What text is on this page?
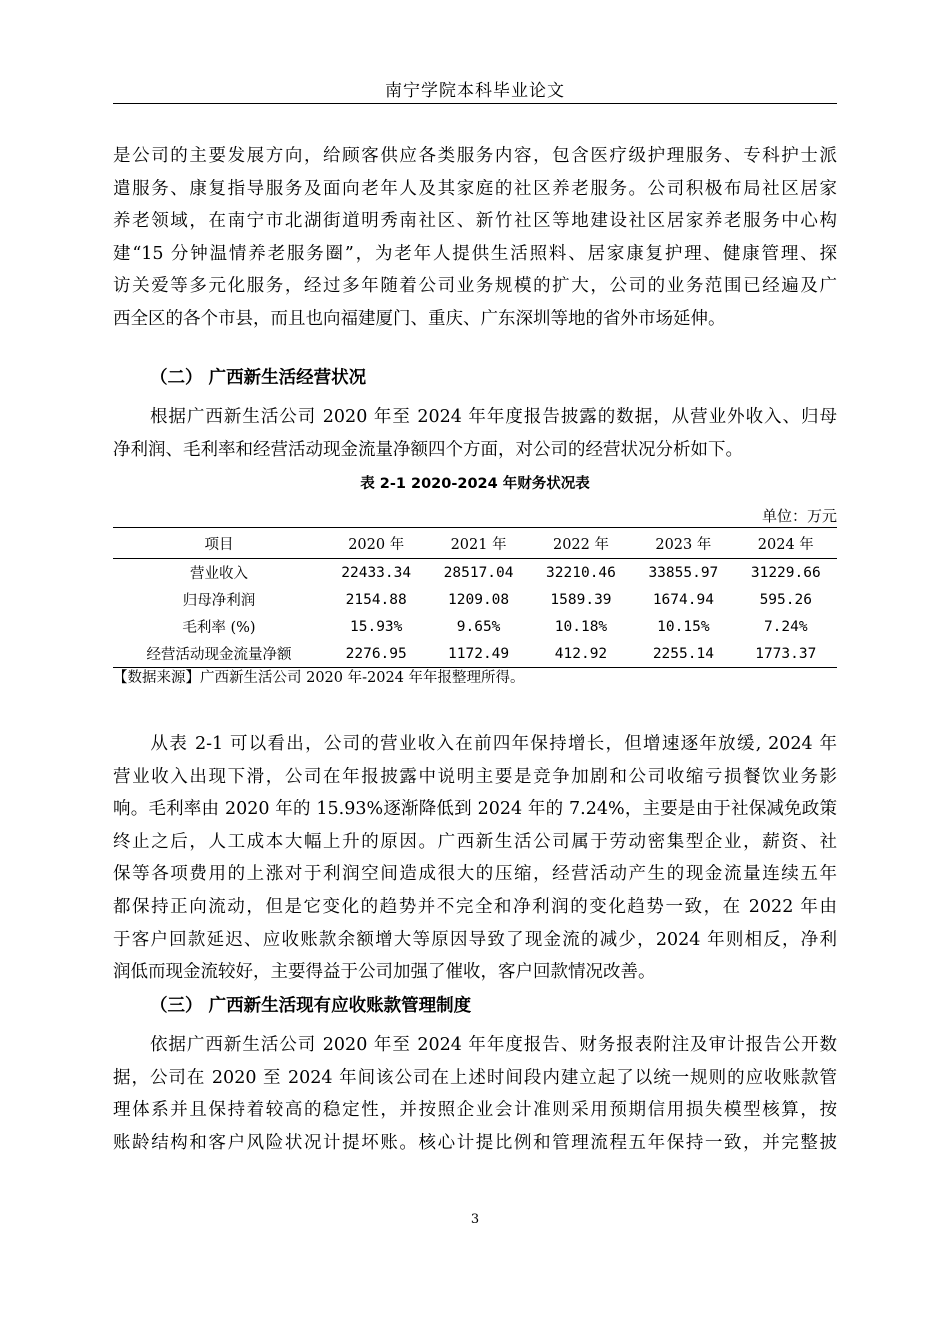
南宁学院本科毕业论文
是公司的主要发展方向，给顾客供应各类服务内容，包含医疗级护理服务、专科护士派
遣服务、康复指导服务及面向老年人及其家庭的社区养老服务。公司积极布局社区居家
养老领域，在南宁市北湖街道明秀南社区、新竹社区等地建设社区居家养老服务中心构
建“15 分钟温情养老服务圈”，为老年人提供生活照料、居家康复护理、健康管理、探
访关爱等多元化服务，经过多年随着公司业务规模的扩大，公司的业务范围已经遍及广
西全区的各个市县，而且也向福建厦门、重庆、广东深圳等地的省外市场延伸。
（二） 广西新生活经营状况
　　根据广西新生活公司 2020 年至 2024 年年度报告披露的数据，从营业外收入、归母
净利润、毛利率和经营活动现金流量净额四个方面，对公司的经营状况分析如下。
表 2-1 2020-2024 年财务状况表
单位：万元
项目	2020 年	2021 年	2022 年	2023 年	2024 年
营业收入	22433.34	28517.04	32210.46	33855.97	31229.66
归母净利润	2154.88	1209.08	1589.39	1674.94	595.26
毛利率 (%)	15.93%	9.65%	10.18%	10.15%	7.24%
经营活动现金流量净额	2276.95	1172.49	412.92	2255.14	1773.37
【数据来源】广西新生活公司 2020 年-2024 年年报整理所得。
　　从表 2-1 可以看出，公司的营业收入在前四年保持增长，但增速逐年放缓, 2024 年
营业收入出现下滑，公司在年报披露中说明主要是竞争加剧和公司收缩亏损餐饮业务影
响。毛利率由 2020 年的 15.93%逐渐降低到 2024 年的 7.24%，主要是由于社保减免政策
终止之后，人工成本大幅上升的原因。广西新生活公司属于劳动密集型企业，薪资、社
保等各项费用的上涨对于利润空间造成很大的压缩，经营活动产生的现金流量连续五年
都保持正向流动，但是它变化的趋势并不完全和净利润的变化趋势一致，在 2022 年由
于客户回款延迟、应收账款余额增大等原因导致了现金流的减少，2024 年则相反，净利
润低而现金流较好，主要得益于公司加强了催收，客户回款情况改善。
（三） 广西新生活现有应收账款管理制度
　　依据广西新生活公司 2020 年至 2024 年年度报告、财务报表附注及审计报告公开数
据，公司在 2020 至 2024 年间该公司在上述时间段内建立起了以统一规则的应收账款管
理体系并且保持着较高的稳定性，并按照企业会计准则采用预期信用损失模型核算，按
账龄结构和客户风险状况计提坏账。核心计提比例和管理流程五年保持一致，并完整披
3
